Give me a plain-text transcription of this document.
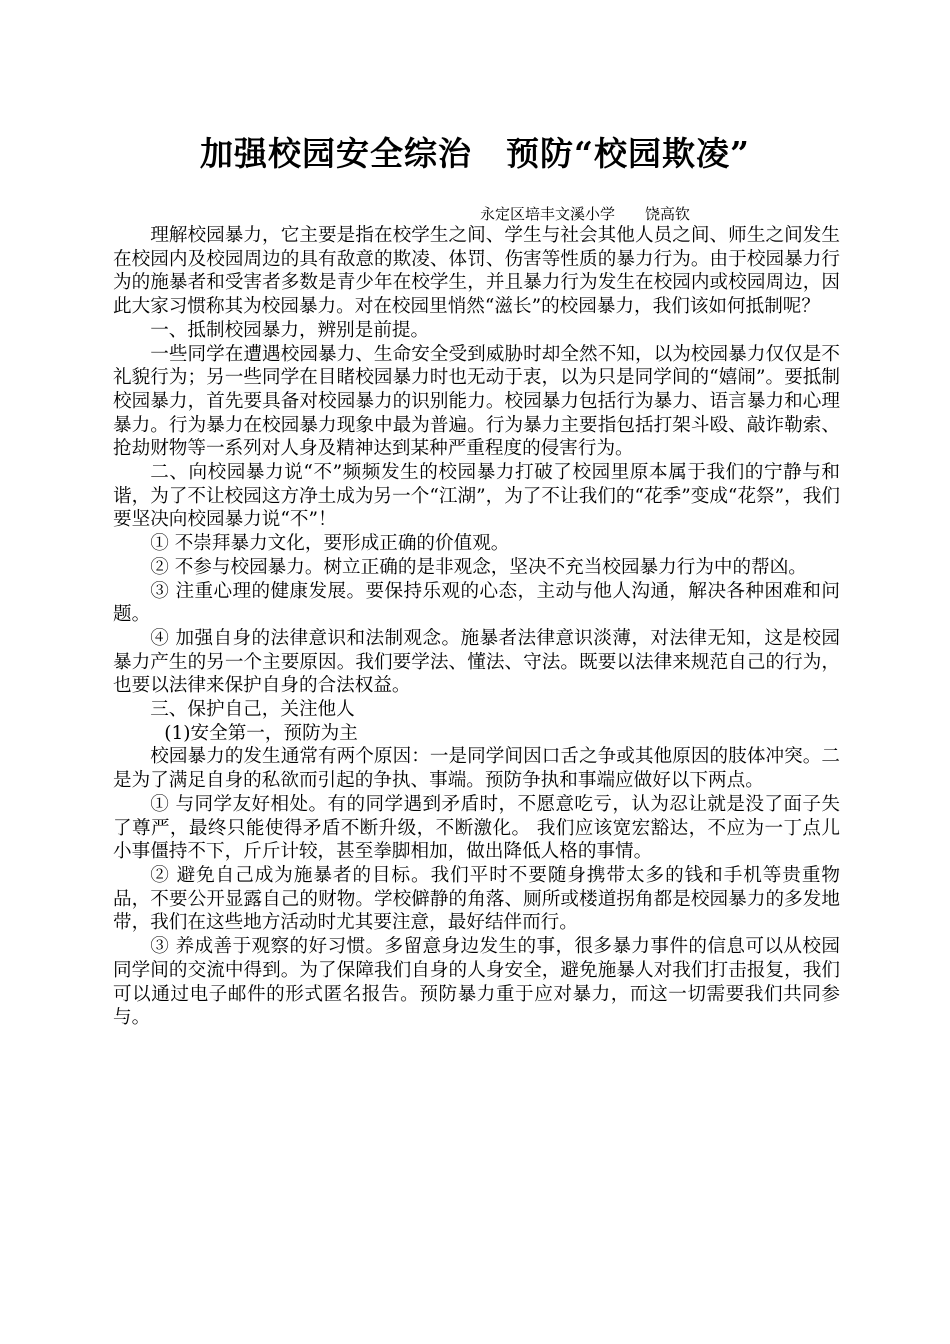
加强校园安全综治　预防“校园欺凌”
永定区培丰文溪小学　　饶高钦

理解校园暴力，它主要是指在校学生之间、学生与社会其他人员之间、师生之间发生在校园内及校园周边的具有敌意的欺凌、体罚、伤害等性质的暴力行为。由于校园暴力行为的施暴者和受害者多数是青少年在校学生，并且暴力行为发生在校园内或校园周边，因此大家习惯称其为校园暴力。对在校园里悄然“滋长”的校园暴力，我们该如何抵制呢？

一、抵制校园暴力，辨别是前提。

一些同学在遭遇校园暴力、生命安全受到威胁时却全然不知，以为校园暴力仅仅是不礼貌行为；另一些同学在目睹校园暴力时也无动于衷，以为只是同学间的“嬉闹”。要抵制校园暴力，首先要具备对校园暴力的识别能力。校园暴力包括行为暴力、语言暴力和心理暴力。行为暴力在校园暴力现象中最为普遍。行为暴力主要指包括打架斗殴、敲诈勒索、抢劫财物等一系列对人身及精神达到某种严重程度的侵害行为。

二、向校园暴力说“不”频频发生的校园暴力打破了校园里原本属于我们的宁静与和谐，为了不让校园这方净土成为另一个“江湖”，为了不让我们的“花季”变成“花祭”，我们要坚决向校园暴力说“不”！

① 不崇拜暴力文化，要形成正确的价值观。

② 不参与校园暴力。树立正确的是非观念，坚决不充当校园暴力行为中的帮凶。

③ 注重心理的健康发展。要保持乐观的心态，主动与他人沟通，解决各种困难和问题。

④ 加强自身的法律意识和法制观念。施暴者法律意识淡薄，对法律无知，这是校园暴力产生的另一个主要原因。我们要学法、懂法、守法。既要以法律来规范自己的行为，也要以法律来保护自身的合法权益。

三、保护自己，关注他人

(1)安全第一，预防为主

校园暴力的发生通常有两个原因：一是同学间因口舌之争或其他原因的肢体冲突。二是为了满足自身的私欲而引起的争执、事端。预防争执和事端应做好以下两点。

① 与同学友好相处。有的同学遇到矛盾时，不愿意吃亏，认为忍让就是没了面子失了尊严，最终只能使得矛盾不断升级，不断激化。 我们应该宽宏豁达，不应为一丁点儿小事僵持不下，斤斤计较，甚至拳脚相加，做出降低人格的事情。

② 避免自己成为施暴者的目标。我们平时不要随身携带太多的钱和手机等贵重物品，不要公开显露自己的财物。学校僻静的角落、厕所或楼道拐角都是校园暴力的多发地带，我们在这些地方活动时尤其要注意，最好结伴而行。

③ 养成善于观察的好习惯。多留意身边发生的事，很多暴力事件的信息可以从校园同学间的交流中得到。为了保障我们自身的人身安全，避免施暴人对我们打击报复，我们可以通过电子邮件的形式匿名报告。预防暴力重于应对暴力，而这一切需要我们共同参与。
